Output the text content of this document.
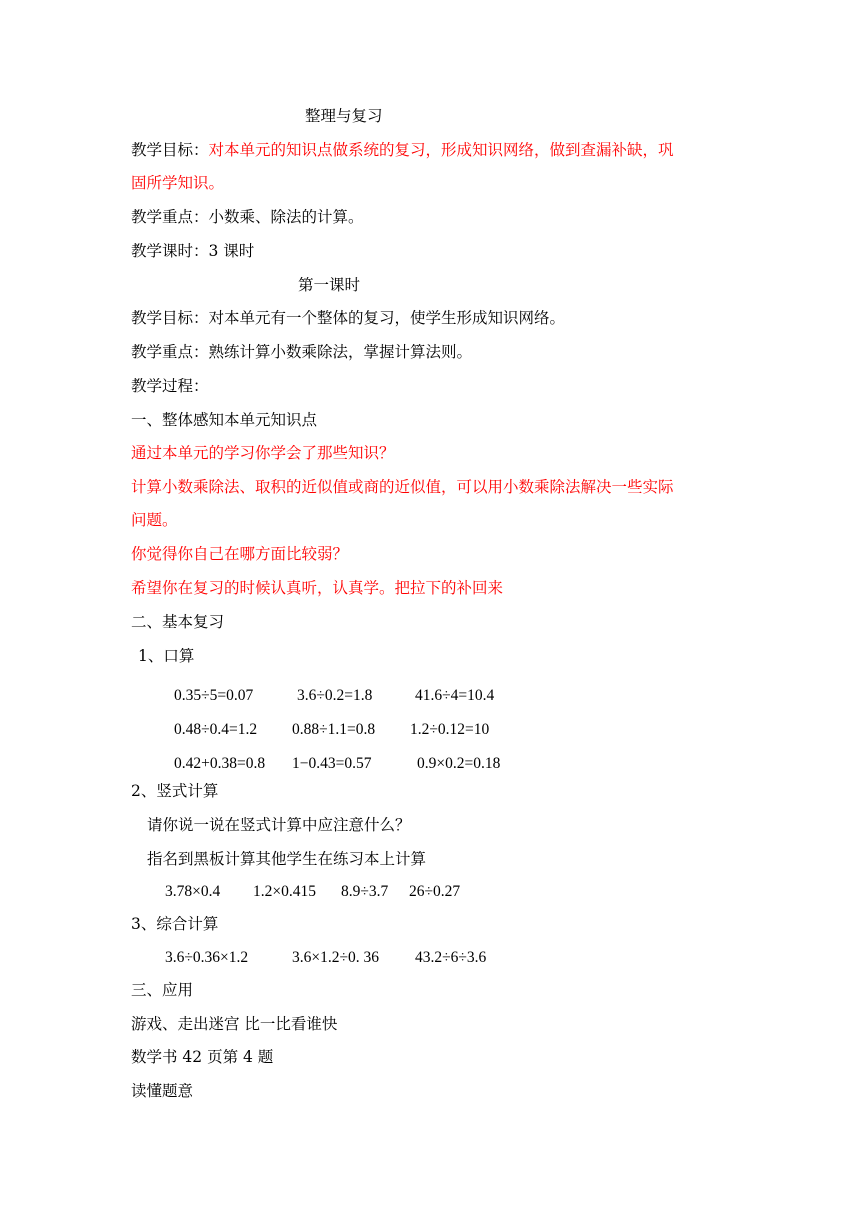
整理与复习
教学目标：对本单元的知识点做系统的复习，形成知识网络，做到查漏补缺，巩
固所学知识。
教学重点：小数乘、除法的计算。
教学课时：3 课时
第一课时
教学目标：对本单元有一个整体的复习，使学生形成知识网络。
教学重点：熟练计算小数乘除法，掌握计算法则。
教学过程：
一、整体感知本单元知识点
通过本单元的学习你学会了那些知识？
计算小数乘除法、取积的近似值或商的近似值，可以用小数乘除法解决一些实际
问题。
你觉得你自己在哪方面比较弱？
希望你在复习的时候认真听，认真学。把拉下的补回来
二、基本复习
1、口算
0.35÷5=0.07	3.6÷0.2=1.8	41.6÷4=10.4
0.48÷0.4=1.2 0.88÷1.1=0.8 1.2÷0.12=10
0.42+0.38=0.8 1−0.43=0.57	0.9×0.2=0.18
2、竖式计算
请你说一说在竖式计算中应注意什么？
指名到黑板计算其他学生在练习本上计算
3.78×0.4 1.2×0.415 8.9÷3.7 26÷0.27
3、综合计算
3.6÷0.36×1.2	3.6×1.2÷0. 36 43.2÷6÷3.6
三、应用
游戏、走出迷宫 比一比看谁快
数学书 42 页第 4 题
读懂题意
